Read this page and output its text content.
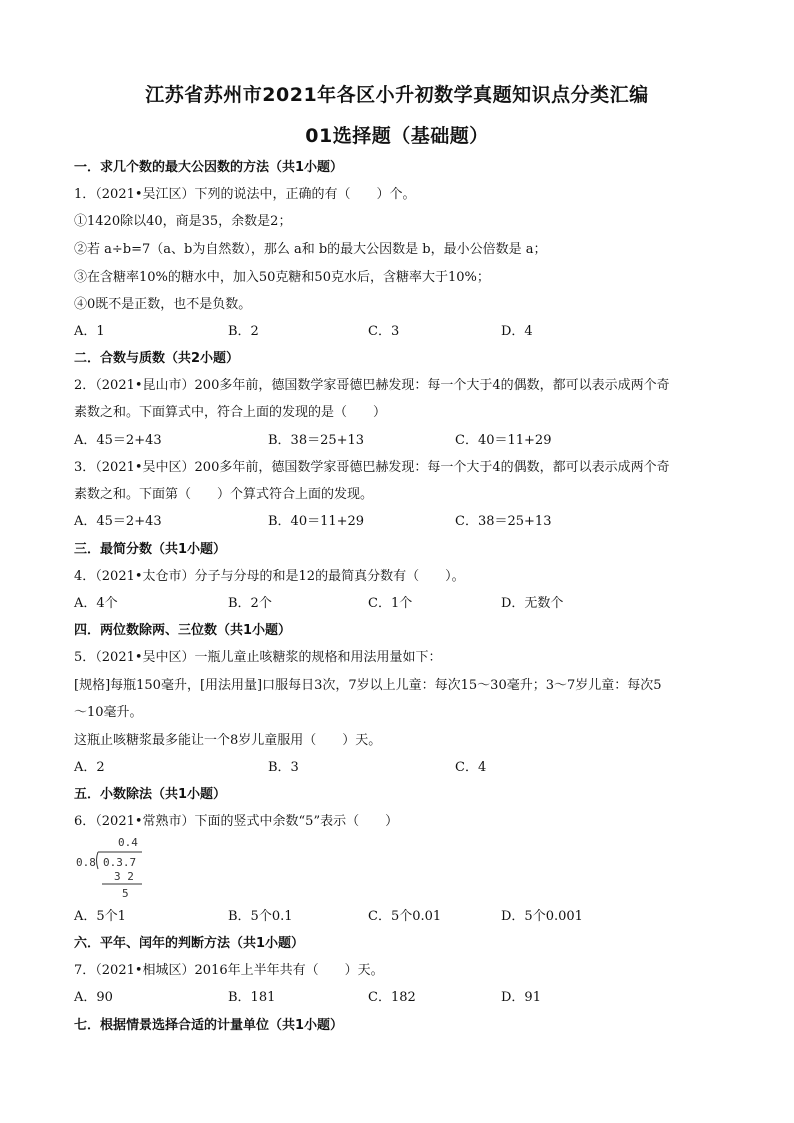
江苏省苏州市2021年各区小升初数学真题知识点分类汇编
01选择题（基础题）
一．求几个数的最大公因数的方法（共1小题）
1．（2021•吴江区）下列的说法中，正确的有（　　）个。
①1420除以40，商是35，余数是2；
②若 a÷b=7（a、b为自然数），那么 a和 b的最大公因数是 b，最小公倍数是 a；
③在含糖率10%的糖水中，加入50克糖和50克水后，含糖率大于10%；
④0既不是正数，也不是负数。
A．1	B．2	C．3	D．4
二．合数与质数（共2小题）
2．（2021•昆山市）200多年前，德国数学家哥德巴赫发现：每一个大于4的偶数，都可以表示成两个奇
素数之和。下面算式中，符合上面的发现的是（　　）
A．45＝2+43	B．38＝25+13	C．40＝11+29
3．（2021•吴中区）200多年前，德国数学家哥德巴赫发现：每一个大于4的偶数，都可以表示成两个奇
素数之和。下面第（　　）个算式符合上面的发现。
A．45＝2+43	B．40＝11+29	C．38＝25+13
三．最简分数（共1小题）
4．（2021•太仓市）分子与分母的和是12的最简真分数有（　　）。
A．4个	B．2个	C．1个	D．无数个
四．两位数除两、三位数（共1小题）
5．（2021•吴中区）一瓶儿童止咳糖浆的规格和用法用量如下：
[规格]每瓶150毫升，[用法用量]口服每日3次，7岁以上儿童：每次15～30毫升；3～7岁儿童：每次5
～10毫升。
这瓶止咳糖浆最多能让一个8岁儿童服用（　　）天。
A．2	B．3	C．4
五．小数除法（共1小题）
6．（2021•常熟市）下面的竖式中余数“5”表示（　　）
0.4
0.8 0.3.7
3 2
5
A．5个1	B．5个0.1	C．5个0.01	D．5个0.001
六．平年、闰年的判断方法（共1小题）
7．（2021•相城区）2016年上半年共有（　　）天。
A．90	B．181	C．182	D．91
七．根据情景选择合适的计量单位（共1小题）
